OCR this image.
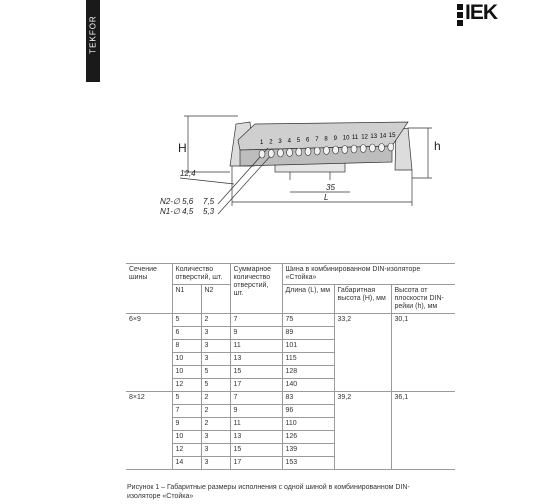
TEKFOR
IEK
1 2 3 4 5 6 7 8 9 10 11 12 13 14 15
H	h
12,4
35
L
N2-∅ 5,6 7,5
N1-∅ 4,5 5,3
Сечение шины	Количество отверстий, шт.		Суммарное количество отверстий, шт.	Шина в комбинированном DIN-изоляторе «Стойка»		
	N1	N2		Длина (L), мм	Габаритная высота (H), мм	Высота от плоскости DIN-рейки (h), мм
6×9	5	2	7	75	33,2	30,1
	6	3	9	89		
	8	3	11	101		
	10	3	13	115		
	10	5	15	128		
	12	5	17	140		
8×12	5	2	7	83	39,2	36,1
	7	2	9	96		
	9	2	11	110		
	10	3	13	126		
	12	3	15	139		
	14	3	17	153		
Рисунок 1 – Габаритные размеры исполнения с одной шиной в комбинированном DIN-изоляторе «Стойка»
